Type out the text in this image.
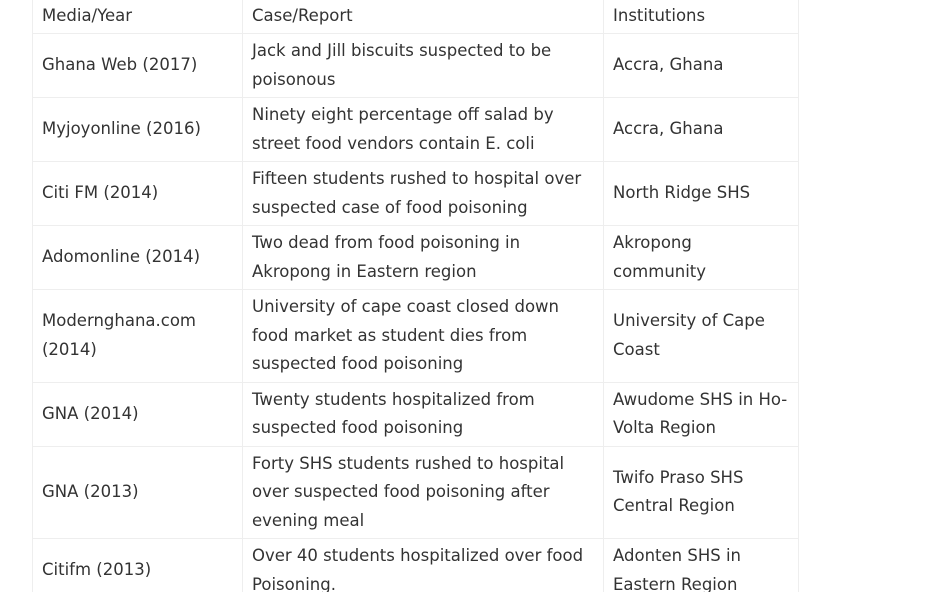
Media/Year	Case/Report	Institutions
Ghana Web (2017)	Jack and Jill biscuits suspected to be poisonous	Accra, Ghana
Myjoyonline (2016)	Ninety eight percentage off salad by street food vendors contain E. coli	Accra, Ghana
Citi FM (2014)	Fifteen students rushed to hospital over suspected case of food poisoning	North Ridge SHS
Adomonline (2014)	Two dead from food poisoning in Akropong in Eastern region	Akropong community
Modernghana.com (2014)	University of cape coast closed down food market as student dies from suspected food poisoning	University of Cape Coast
GNA (2014)	Twenty students hospitalized from suspected food poisoning	Awudome SHS in Ho-Volta Region
GNA (2013)	Forty SHS students rushed to hospital over suspected food poisoning after evening meal	Twifo Praso SHS Central Region
Citifm (2013)	Over 40 students hospitalized over food Poisoning.	Adonten SHS in Eastern Region
